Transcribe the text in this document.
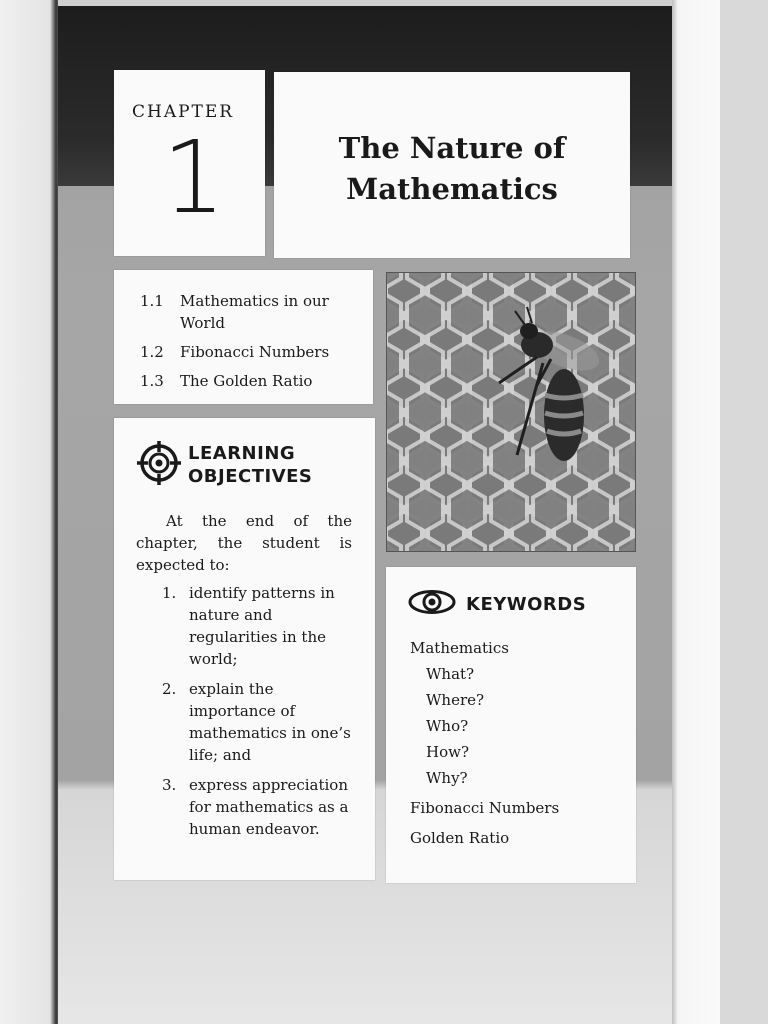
CHAPTER
1	The Nature of
Mathematics
1.1	Mathematics in our World
1.2	Fibonacci Numbers
1.3	The Golden Ratio
LEARNING
OBJECTIVES
At the end of the chapter, the student is expected to:
1. identify patterns in nature and regularities in the world;
2. explain the importance of mathematics in one’s life; and
3. express appreciation for mathematics as a human endeavor.
KEYWORDS
Mathematics
What?
Where?
Who?
How?
Why?
Fibonacci Numbers
Golden Ratio
